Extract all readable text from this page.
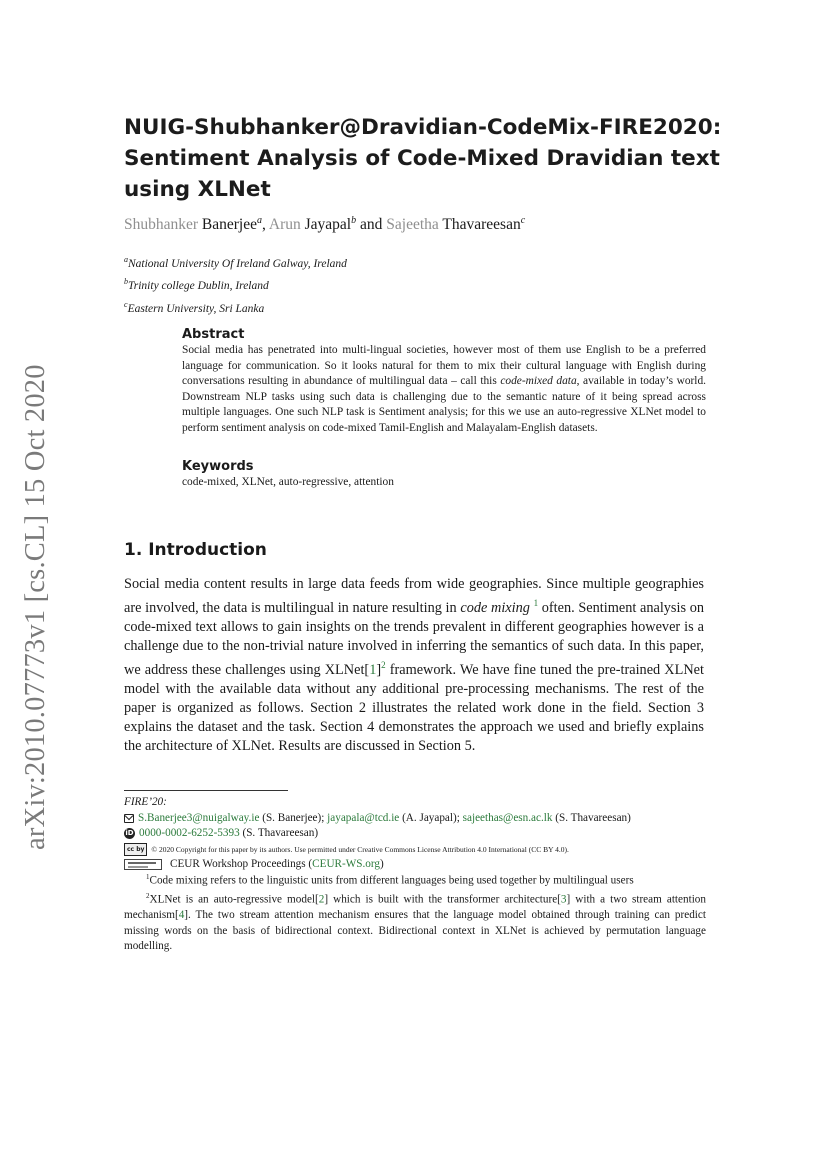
arXiv:2010.07773v1 [cs.CL] 15 Oct 2020
NUIG-Shubhanker@Dravidian-CodeMix-FIRE2020:
Sentiment Analysis of Code-Mixed Dravidian text
using XLNet
Shubhanker Banerjee$^a$, Arun Jayapal$^b$ and Sajeetha Thavareesan$^c$
$^a$National University Of Ireland Galway, Ireland
$^b$Trinity college Dublin, Ireland
$^c$Eastern University, Sri Lanka

Abstract

Social media has penetrated into multi-lingual societies, however most of them use English to be a preferred language for communication. So it looks natural for them to mix their cultural language with English during conversations resulting in abundance of multilingual data – call this code-mixed data, available in today’s world. Downstream NLP tasks using such data is challenging due to the semantic nature of it being spread across multiple languages. One such NLP task is Sentiment analysis; for this we use an auto-regressive XLNet model to perform sentiment analysis on code-mixed Tamil-English and Malayalam-English datasets.

Keywords

code-mixed, XLNet, auto-regressive, attention

1. Introduction

Social media content results in large data feeds from wide geographies. Since multiple geographies are involved, the data is multilingual in nature resulting in code mixing $^1$ often. Sentiment analysis on code-mixed text allows to gain insights on the trends prevalent in different geographies however is a challenge due to the non-trivial nature involved in inferring the semantics of such data. In this paper, we address these challenges using $XLNet[1]^2$ framework. We have fine tuned the pre-trained XLNet model with the available data without any additional pre-processing mechanisms. The rest of the paper is organized as follows. Section 2 illustrates the related work done in the field. Section 3 explains the dataset and the task. Section 4 demonstrates the approach we used and briefly explains the architecture of XLNet. Results are discussed in Section 5.

FIRE’20:
S.Banerjee3@nuigalway.ie (S. Banerjee); jayapala@tcd.ie (A. Jayapal); sajeethas@esn.ac.lk (S. Thavareesan)
iD 0000-0002-6252-5393 (S. Thavareesan)
cc by © 2020 Copyright for this paper by its authors. Use permitted under Creative Commons License Attribution 4.0 International (CC BY 4.0).
CEUR Workshop Proceedings (CEUR-WS.org)

$^1$Code mixing refers to the linguistic units from different languages being used together by multilingual users

$^2$XLNet is an auto-regressive model[2] which is built with the transformer architecture[3] with a two stream attention mechanism[4]. The two stream attention mechanism ensures that the language model obtained through training can predict missing words on the basis of bidirectional context. Bidirectional context in XLNet is achieved by permutation language modelling.
